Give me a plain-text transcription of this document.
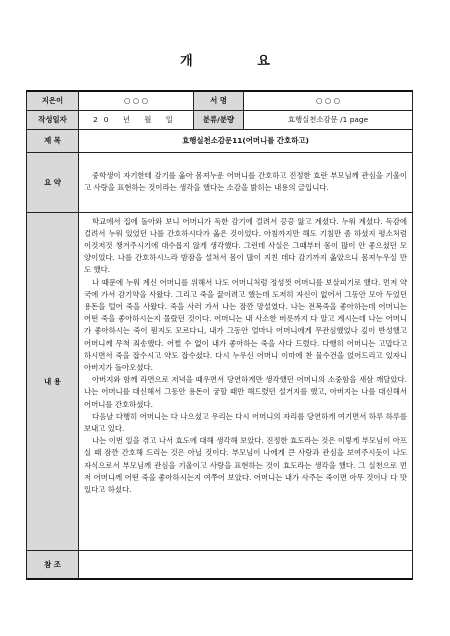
개 요
지은이	○ ○ ○	서 명	○ ○ ○
작성일자	20 년 월 일	분류/분량	효행실천소감문 /1 page
제 목	효행실천소감문11(어머니를 간호하고)		
요 약	중학생이 자기한테 감기를 옮아 몸져누운 어머니를 간호하고 진정한 효란 부모님께 관심을 기울이고 사랑을 표현하는 것이라는 생각을 했다는 소감을 밝히는 내용의 글입니다.		

내 용	학교에서 집에 돌아와 보니 어머니가 독한 감기에 걸려서 끙끙 앓고 계셨다. 누워 계셨다. 독감에 걸려서 누워 있었던 나를 간호하시다가 옮은 것이었다. 아침까지만 해도 기침만 좀 하셨지 평소처럼 이것저것 챙겨주시기에 대수롭지 않게 생각했다. 그런데 사실은 그때부터 몸이 많이 안 좋으셨던 모양이었다. 나를 간호하시느라 밤잠을 설쳐서 몸이 많이 지친 데다 감기까지 옮았으니 몸져누우실 만도 했다.

나 때문에 누워 계신 어머니를 위해서 나도 어머니처럼 정성껏 어머니를 보살피기로 했다. 먼저 약국에 가서 감기약을 사왔다. 그리고 죽을 끓이려고 했는데 도저히 자신이 없어서 그동안 모아 두었던 용돈을 털어 죽을 사왔다. 죽을 사러 가서 나는 잠깐 망설였다. 나는 전복죽을 좋아하는데 어머니는 어떤 죽을 좋아하시는지 몰랐던 것이다. 어머니는 내 사소한 버릇까지 다 알고 계시는데 나는 어머니가 좋아하시는 죽이 뭔지도 모르다니, 내가 그동안 얼마나 어머니에게 무관심했었나 깊이 반성했고 어머니께 무척 죄송했다. 어쩔 수 없이 내가 좋아하는 죽을 사다 드렸다. 다행히 어머니는 고맙다고 하시면서 죽을 잡수시고 약도 잡수셨다. 다시 누우신 어머니 이마에 찬 물수건을 얹어드리고 있자니 아버지가 돌아오셨다.

아버지와 함께 라면으로 저녁을 때우면서 당연하게만 생각했던 어머니의 소중함을 새삼 깨달았다. 나는 어머니를 대신해서 그동안 용돈이 궁할 때만 해드렸던 설거지를 했고, 아버지는 나를 대신해서 어머니를 간호하셨다.

다음날 다행히 어머니는 다 나으셨고 우리는 다시 어머니의 자리를 당연하게 여기면서 하루 하루를 보내고 있다.

나는 이번 일을 겪고 나서 효도에 대해 생각해 보았다. 진정한 효도라는 것은 이렇게 부모님이 아프실 때 잠깐 간호해 드리는 것은 아닐 것이다. 부모님이 나에게 큰 사랑과 관심을 보여주시듯이 나도 자식으로서 부모님께 관심을 기울이고 사랑을 표현하는 것이 효도라는 생각을 했다. 그 실천으로 먼저 어머니께 어떤 죽을 좋아하시는지 여쭈어 보았다. 어머니는 내가 사주는 죽이면 아무 것이나 다 맛있다고 하셨다.		

참 조			
